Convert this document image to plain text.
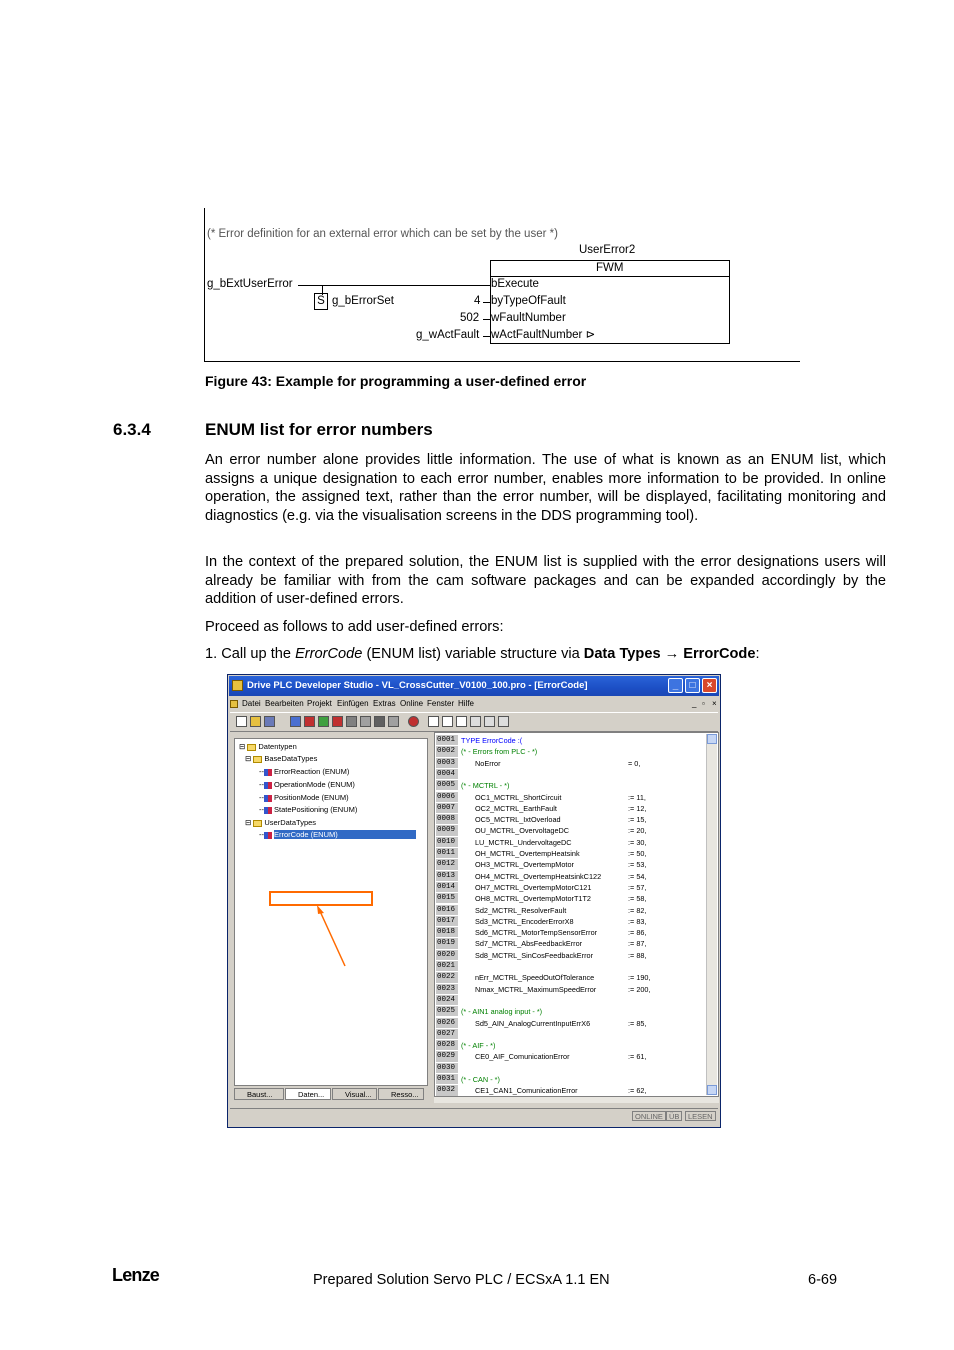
(* Error definition for an external error which can be set by the user *)
UserError2
FWM
bExecute
byTypeOfFault
wFaultNumber
wActFaultNumber ⊳
g_bExtUserError
S g_bErrorSet	4
502
g_wActFault
Figure 43: Example for programming a user-defined error
6.3.4	ENUM list for error numbers
An error number alone provides little information. The use of what is known as an ENUM list, which assigns a unique designation to each error number, enables more information to be provided. In online operation, the assigned text, rather than the error number, will be displayed, facilitating monitoring and diagnostics (e.g. via the visualisation screens in the DDS programming tool).
In the context of the prepared solution, the ENUM list is supplied with the error designations users will already be familiar with from the cam software packages and can be expanded accordingly by the addition of user-defined errors.
Proceed as follows to add user-defined errors:
1. Call up the ErrorCode (ENUM list) variable structure via Data Types → ErrorCode:
Drive PLC Developer Studio - VL_CrossCutter_V0100_100.pro - [ErrorCode]	_	□	×
Datei Bearbeiten Projekt Einfügen Extras Online Fenster Hilfe	_ ▫ ×
⊟ Datentypen
⊟ BaseDataTypes
-- ErrorReaction (ENUM)
-- OperationMode (ENUM)
-- PositionMode (ENUM)
-- StatePositioning (ENUM)
⊟ UserDataTypes
-- ErrorCode (ENUM)
Baust...	Daten...	Visual...	Resso...
0001 TYPE ErrorCode :(
0002 (* - Errors from PLC - *)
0003	NoError	= 0,
0004
0005 (* - MCTRL - *)
0006	OC1_MCTRL_ShortCircuit	:= 11,
0007	OC2_MCTRL_EarthFault	:= 12,
0008	OC5_MCTRL_IxtOverload	:= 15,
0009	OU_MCTRL_OvervoltageDC	:= 20,
0010	LU_MCTRL_UndervoltageDC	:= 30,
0011	OH_MCTRL_OvertempHeatsink	:= 50,
0012	OH3_MCTRL_OvertempMotor	:= 53,
0013	OH4_MCTRL_OvertempHeatsinkC122	:= 54,
0014	OH7_MCTRL_OvertempMotorC121	:= 57,
0015	OH8_MCTRL_OvertempMotorT1T2	:= 58,
0016	Sd2_MCTRL_ResolverFault	:= 82,
0017	Sd3_MCTRL_EncoderErrorX8	:= 83,
0018	Sd6_MCTRL_MotorTempSensorError	:= 86,
0019	Sd7_MCTRL_AbsFeedbackError	:= 87,
0020	Sd8_MCTRL_SinCosFeedbackError	:= 88,
0021
0022	nErr_MCTRL_SpeedOutOfTolerance	:= 190,
0023	Nmax_MCTRL_MaximumSpeedError	:= 200,
0024
0025 (* - AIN1 analog input - *)
0026	Sd5_AIN_AnalogCurrentInputErrX6	:= 85,
0027
0028 (* - AIF - *)
0029	CE0_AIF_ComunicationError	:= 61,
0030
0031 (* - CAN - *)
0032	CE1_CAN1_ComunicationError	:= 62,
ONLINE ÜB	LESEN
Lenze	Prepared Solution Servo PLC / ECSxA 1.1 EN	6-69
